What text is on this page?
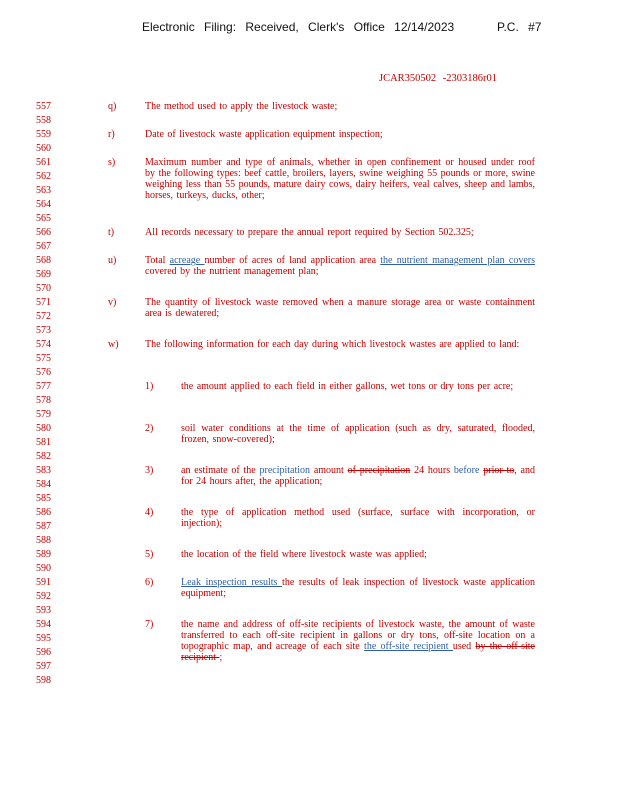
Electronic Filing: Received, Clerk's Office 12/14/2023	P.C. #7
JCAR350502 -2303186r01
557
558
559
560
561
562
563
564
565
566
567
568
569
570
571
572
573
574
575
576
577
578
579
580
581
582
583
584
585
586
587
588
589
590
591
592
593
594
595
596
597
598
q)	The method used to apply the livestock waste;
r)	Date of livestock waste application equipment inspection;
s)	Maximum number and type of animals, whether in open confinement or housed under roof by the following types: beef cattle, broilers, layers, swine weighing 55 pounds or more, swine weighing less than 55 pounds, mature dairy cows, dairy heifers, veal calves, sheep and lambs, horses, turkeys, ducks, other;
t)	All records necessary to prepare the annual report required by Section 502.325;
u)	Total acreage number of acres of land application area the nutrient management plan covers covered by the nutrient management plan;
v)	The quantity of livestock waste removed when a manure storage area or waste containment area is dewatered;
w)	The following information for each day during which livestock wastes are applied to land:
1)	the amount applied to each field in either gallons, wet tons or dry tons per acre;
2)	soil water conditions at the time of application (such as dry, saturated, flooded, frozen, snow-covered);
3)	an estimate of the precipitation amount of precipitation 24 hours before prior to, and for 24 hours after, the application;
4)	the type of application method used (surface, surface with incorporation, or injection);
5)	the location of the field where livestock waste was applied;
6)	Leak inspection results the results of leak inspection of livestock waste application equipment;
7)	the name and address of off-site recipients of livestock waste, the amount of waste transferred to each off-site recipient in gallons or dry tons, off-site location on a topographic map, and acreage of each site the off-site recipient used by the off-site recipient ;
